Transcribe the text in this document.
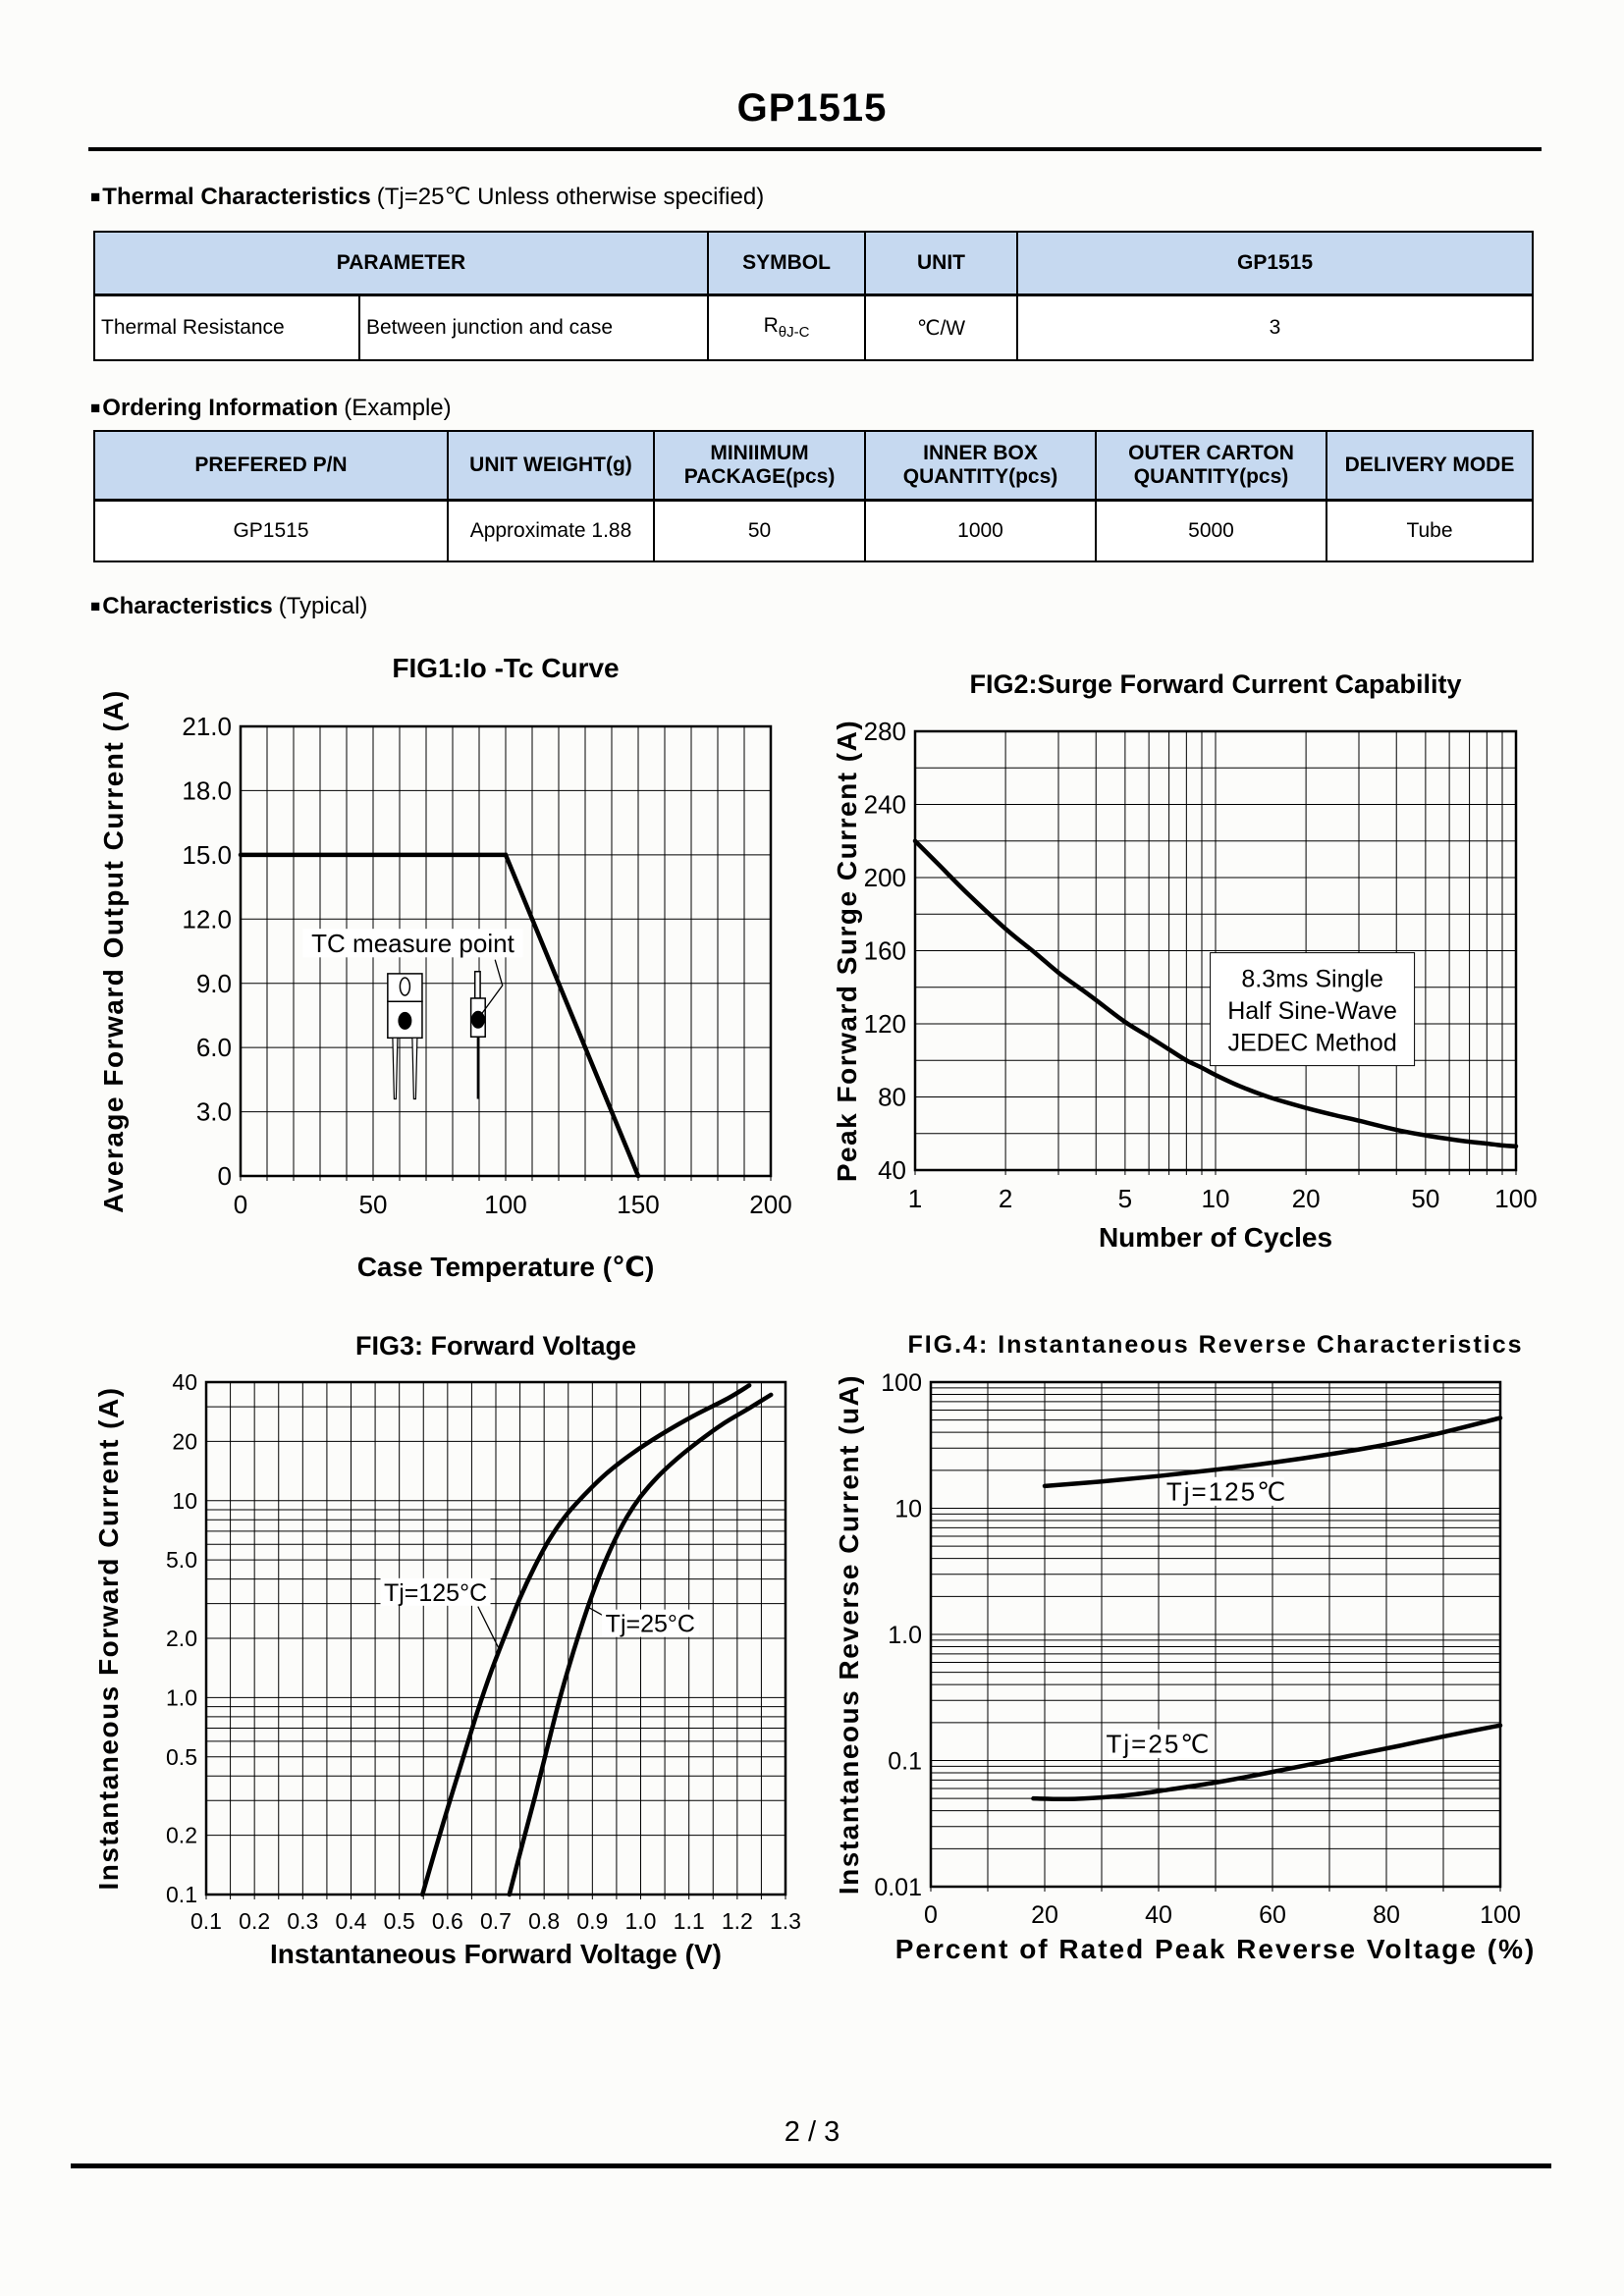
GP1515
■Thermal Characteristics (Tj=25℃ Unless otherwise specified)
PARAMETER		SYMBOL	UNIT	GP1515
Thermal Resistance	Between junction and case	$R_{\theta J-C}$	℃/W	3
■Ordering Information (Example)
PREFERED P/N	UNIT WEIGHT(g)	MINIIMUM PACKAGE(pcs)	INNER BOX QUANTITY(pcs)	OUTER CARTON QUANTITY(pcs)	DELIVERY MODE
GP1515	Approximate 1.88	50	1000	5000	Tube
■Characteristics (Typical)
0	50	100	150	200
0
3.0
6.0
9.0
12.0
15.0
18.0
21.0
FIG1:Io -Tc Curve
Case Temperature (℃)
Average Forward Output Current (A)	TC measure point
1	2	5	10 20	50 100
40
80
120
160
200
240
280
FIG2:Surge Forward Current Capability
Number of Cycles
Peak Forward Surge Current (A)	8.3ms Single
Half Sine-Wave
JEDEC Method
0.1 0.2 0.3 0.4 0.5 0.6 0.7 0.8 0.9 1.0 1.1 1.2 1.3
0.1
0.2
0.5
1.0
2.0
5.0
10
20
40
FIG3: Forward Voltage
Instantaneous Forward Voltage (V)
Instantaneous Forward Current (A)	Tj=125°C
Tj=25°C
0	20	40	60	80	100
100
10
1.0
0.1
0.01
FIG.4: Instantaneous Reverse Characteristics
Percent of Rated Peak Reverse Voltage (%)
Instantaneous Reverse Current (uA)	Tj=125℃
Tj=25℃
2 / 3
